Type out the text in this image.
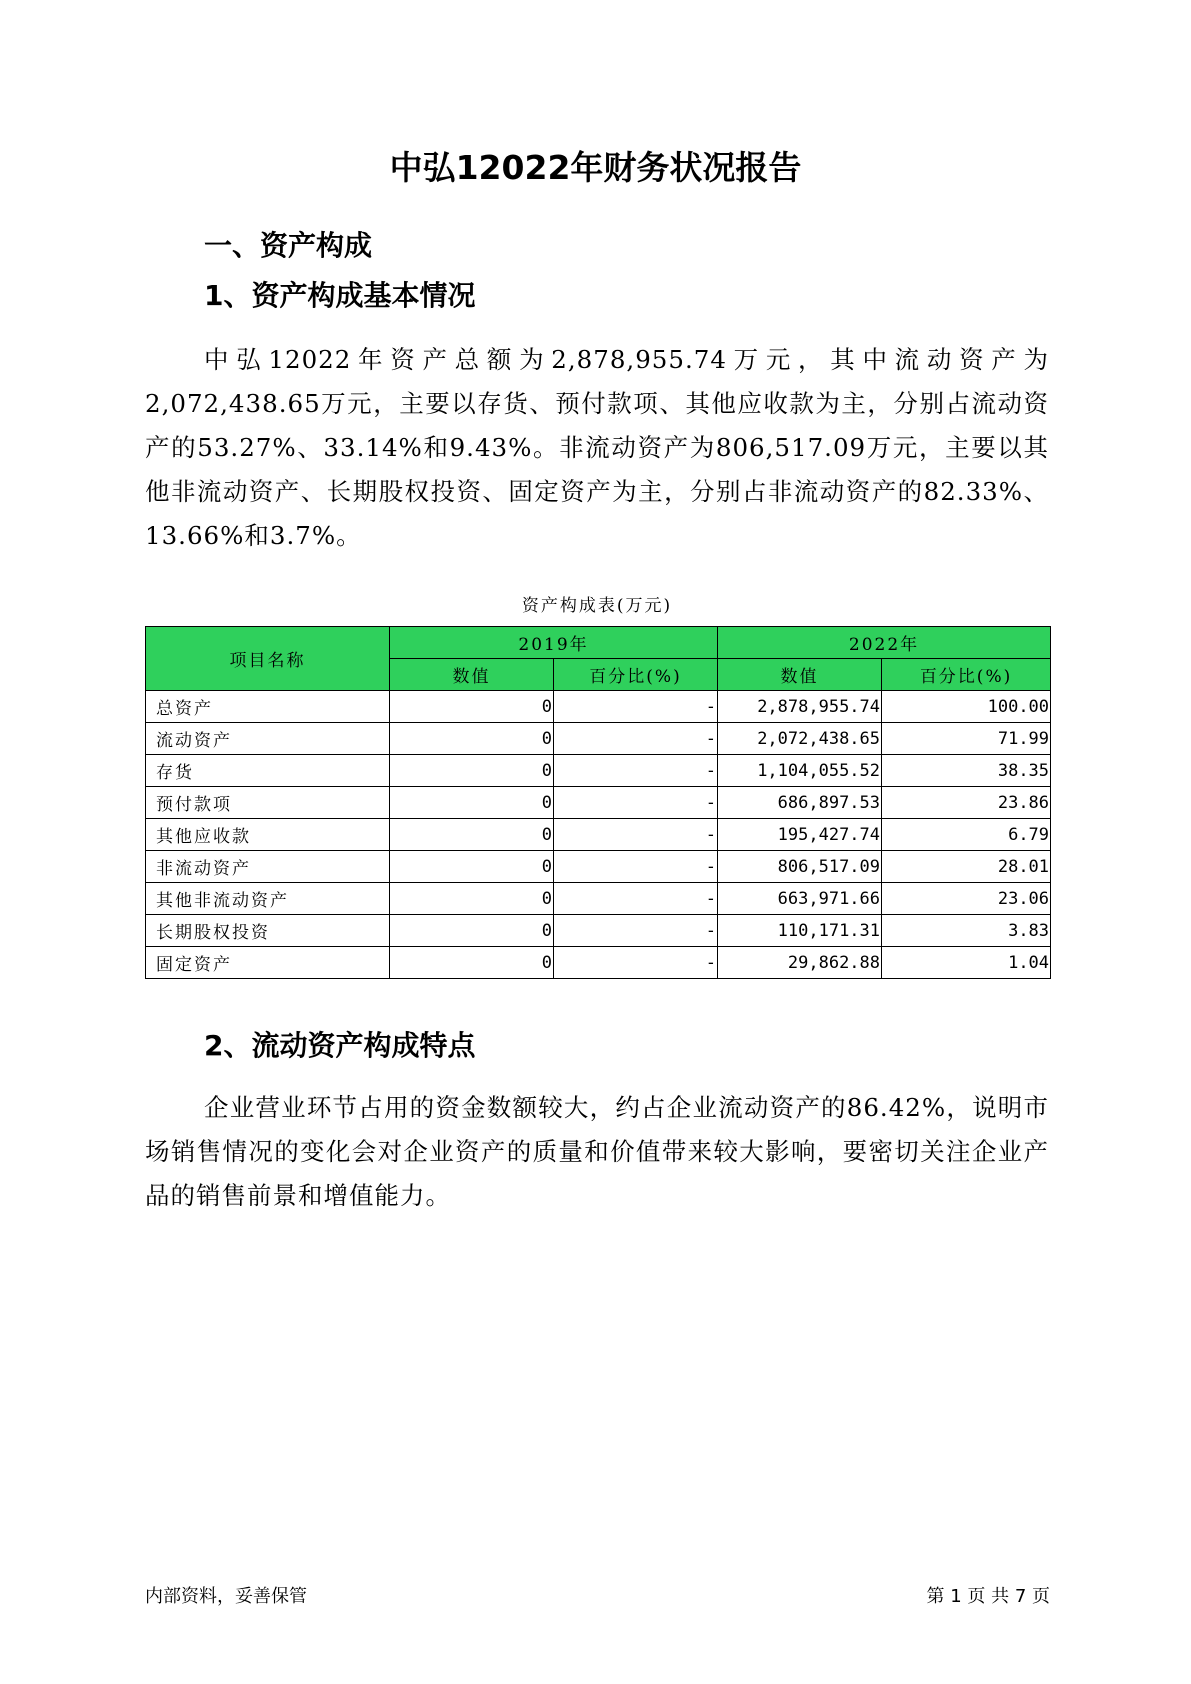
中弘12022年财务状况报告
一、资产构成
1、资产构成基本情况

中弘12022年资产总额为2,878,955.74万元，其中流动资产为2,072,438.65万元，主要以存货、预付款项、其他应收款为主，分别占流动资产的53.27%、33.14%和9.43%。非流动资产为806,517.09万元，主要以其他非流动资产、长期股权投资、固定资产为主，分别占非流动资产的82.33%、13.66%和3.7%。

资产构成表(万元)

项目名称	2019年		2022年	
	数值	百分比(%)	数值	百分比(%)
总资产	0	-	2,878,955.74	100.00
流动资产	0	-	2,072,438.65	71.99
存货	0	-	1,104,055.52	38.35
预付款项	0	-	686,897.53	23.86
其他应收款	0	-	195,427.74	6.79
非流动资产	0	-	806,517.09	28.01
其他非流动资产	0	-	663,971.66	23.06
长期股权投资	0	-	110,171.31	3.83
固定资产	0	-	29,862.88	1.04
2、流动资产构成特点

企业营业环节占用的资金数额较大，约占企业流动资产的86.42%，说明市场销售情况的变化会对企业资产的质量和价值带来较大影响，要密切关注企业产品的销售前景和增值能力。

内部资料，妥善保管	第 1 页 共 7 页
